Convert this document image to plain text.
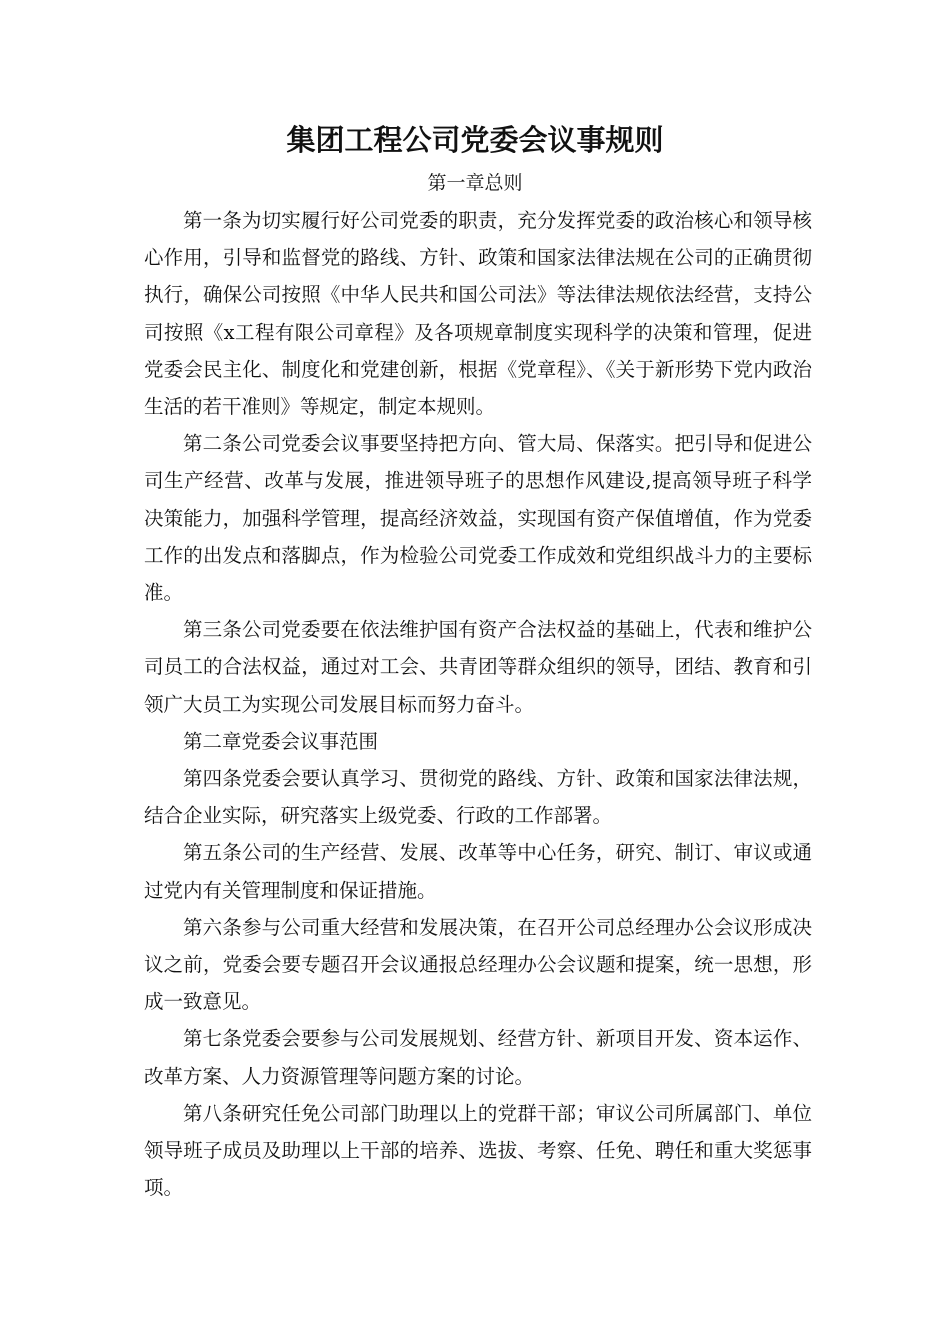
集团工程公司党委会议事规则
第一章总则

第一条为切实履行好公司党委的职责，充分发挥党委的政治核心和领导核心作用，引导和监督党的路线、方针、政策和国家法律法规在公司的正确贯彻执行，确保公司按照《中华人民共和国公司法》等法律法规依法经营，支持公司按照《x工程有限公司章程》及各项规章制度实现科学的决策和管理，促进党委会民主化、制度化和党建创新，根据《党章程》、《关于新形势下党内政治生活的若干准则》等规定，制定本规则。

第二条公司党委会议事要坚持把方向、管大局、保落实。把引导和促进公司生产经营、改革与发展，推进领导班子的思想作风建设,提高领导班子科学决策能力，加强科学管理，提高经济效益，实现国有资产保值增值，作为党委工作的出发点和落脚点，作为检验公司党委工作成效和党组织战斗力的主要标准。

第三条公司党委要在依法维护国有资产合法权益的基础上，代表和维护公司员工的合法权益，通过对工会、共青团等群众组织的领导，团结、教育和引领广大员工为实现公司发展目标而努力奋斗。

第二章党委会议事范围

第四条党委会要认真学习、贯彻党的路线、方针、政策和国家法律法规，结合企业实际，研究落实上级党委、行政的工作部署。

第五条公司的生产经营、发展、改革等中心任务，研究、制订、审议或通过党内有关管理制度和保证措施。

第六条参与公司重大经营和发展决策，在召开公司总经理办公会议形成决议之前，党委会要专题召开会议通报总经理办公会议题和提案，统一思想，形成一致意见。

第七条党委会要参与公司发展规划、经营方针、新项目开发、资本运作、改革方案、人力资源管理等问题方案的讨论。

第八条研究任免公司部门助理以上的党群干部；审议公司所属部门、单位领导班子成员及助理以上干部的培养、选拔、考察、任免、聘任和重大奖惩事项。
